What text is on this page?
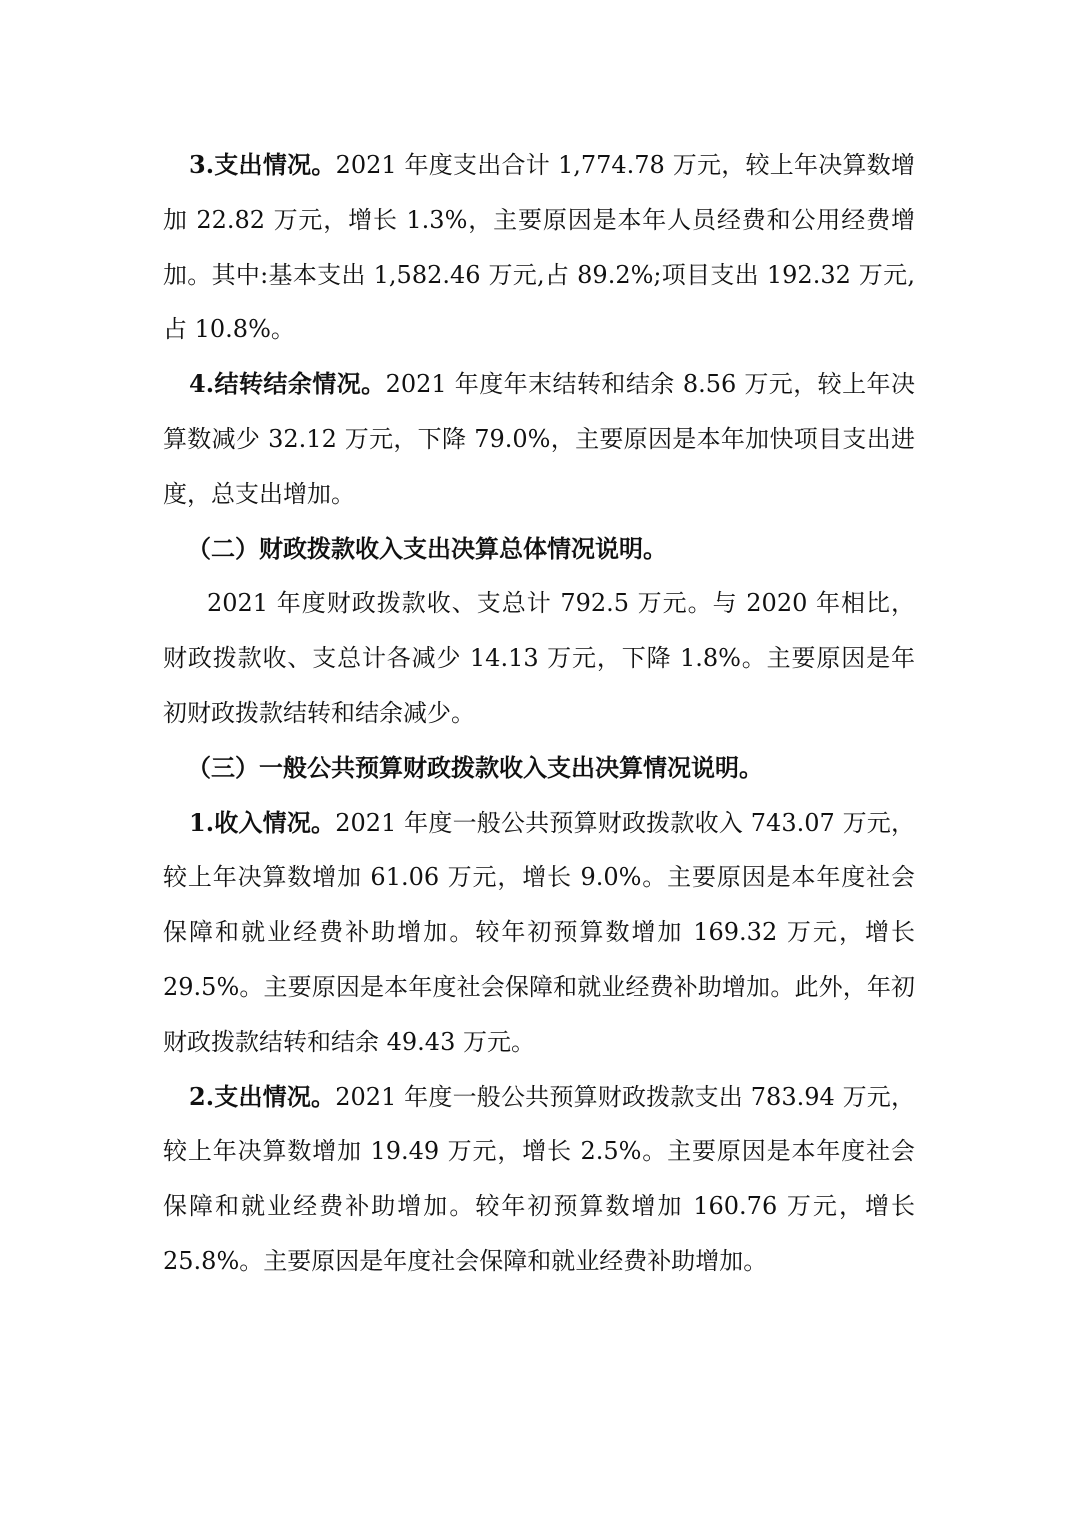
3.支出情况。2021 年度支出合计 1,774.78 万元，较上年决算数增加 22.82 万元，增长 1.3%，主要原因是本年人员经费和公用经费增加。其中:基本支出 1,582.46 万元,占 89.2%;项目支出 192.32 万元,占 10.8%。

4.结转结余情况。2021 年度年末结转和结余 8.56 万元，较上年决算数减少 32.12 万元，下降 79.0%，主要原因是本年加快项目支出进度，总支出增加。

（二）财政拨款收入支出决算总体情况说明。

2021 年度财政拨款收、支总计 792.5 万元。与 2020 年相比，财政拨款收、支总计各减少 14.13 万元，下降 1.8%。主要原因是年初财政拨款结转和结余减少。

（三）一般公共预算财政拨款收入支出决算情况说明。

1.收入情况。2021 年度一般公共预算财政拨款收入 743.07 万元，较上年决算数增加 61.06 万元，增长 9.0%。主要原因是本年度社会保障和就业经费补助增加。较年初预算数增加 169.32 万元，增长 29.5%。主要原因是本年度社会保障和就业经费补助增加。此外，年初财政拨款结转和结余 49.43 万元。

2.支出情况。2021 年度一般公共预算财政拨款支出 783.94 万元，较上年决算数增加 19.49 万元，增长 2.5%。主要原因是本年度社会保障和就业经费补助增加。较年初预算数增加 160.76 万元，增长 25.8%。主要原因是年度社会保障和就业经费补助增加。
